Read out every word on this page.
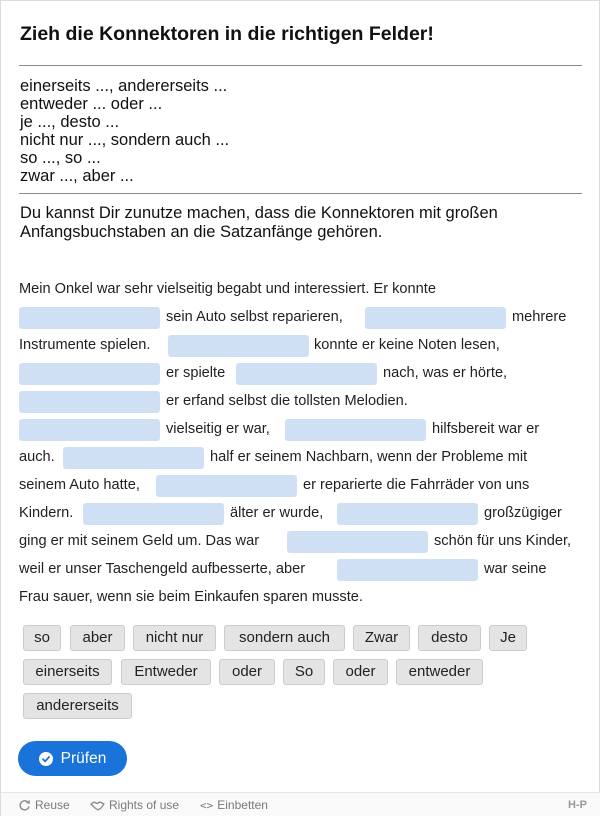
Zieh die Konnektoren in die richtigen Felder!
einerseits ..., andererseits ...
entweder ... oder ...
je ..., desto ...
nicht nur ..., sondern auch ...
so ..., so ...
zwar ..., aber ...

Du kannst Dir zunutze machen, dass die Konnektoren mit großen Anfangsbuchstaben an die Satzanfänge gehören.

Mein Onkel war sehr vielseitig begabt und interessiert. Er konnte
sein Auto selbst reparieren,	mehrere
Instrumente spielen.	konnte er keine Noten lesen,
er spielte	nach, was er hörte,
er erfand selbst die tollsten Melodien.
vielseitig er war,	hilfsbereit war er
auch.	half er seinem Nachbarn, wenn der Probleme mit
seinem Auto hatte,	er reparierte die Fahrräder von uns
Kindern.	älter er wurde,	großzügiger
ging er mit seinem Geld um. Das war	schön für uns Kinder,
weil er unser Taschengeld aufbesserte, aber	war seine
Frau sauer, wenn sie beim Einkaufen sparen musste.
so	aber	nicht nur	sondern auch	Zwar	desto	Je
einerseits	Entweder	oder	So	oder	entweder
andererseits
Prüfen
Reuse	Rights of use <> Einbetten	H-P
